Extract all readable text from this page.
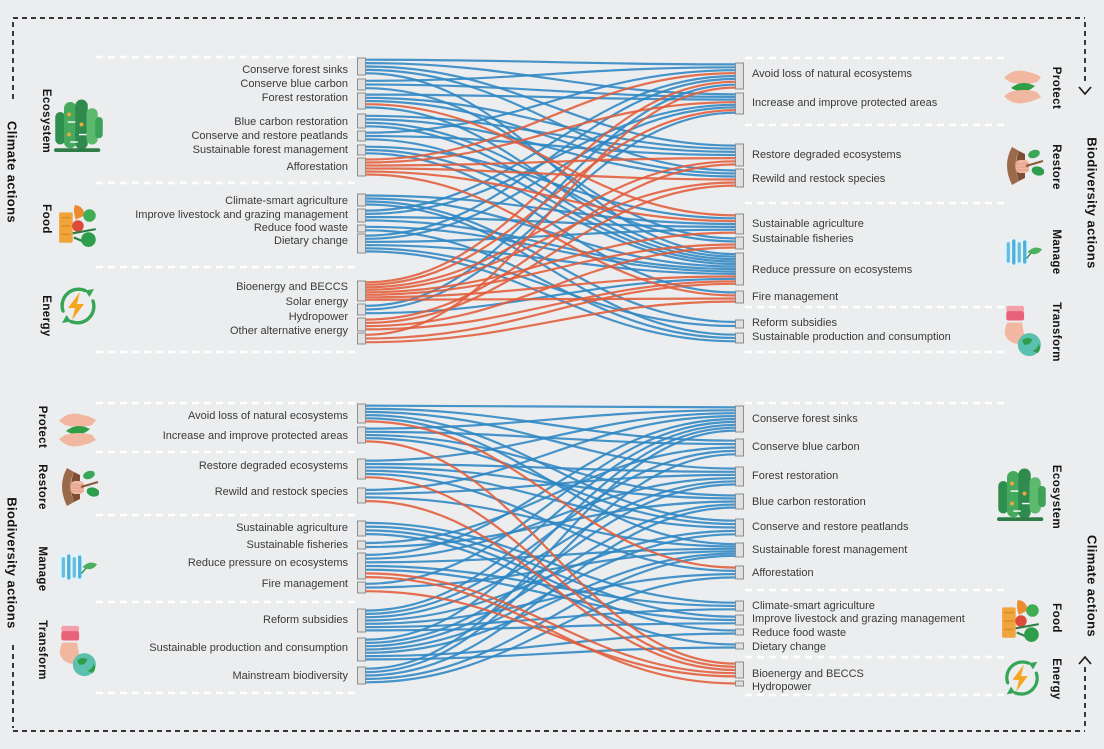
Climate actions	Biodiversity actions
Biodiversity actions	Climate actions
Conserve forest sinks
Conserve blue carbon
Forest restoration
Blue carbon restoration
Conserve and restore peatlands
Sustainable forest management
Afforestation
Climate-smart agriculture
Improve livestock and grazing management
Reduce food waste
Dietary change
Bioenergy and BECCS
Solar energy
Hydropower
Other alternative energy
Avoid loss of natural ecosystems
Increase and improve protected areas
Restore degraded ecosystems
Rewild and restock species
Sustainable agriculture
Sustainable fisheries
Reduce pressure on ecosystems
Fire management
Reform subsidies
Sustainable production and consumption
Ecosystem
Food
Energy
Protect
Restore
Manage
Transform
Avoid loss of natural ecosystems
Increase and improve protected areas
Restore degraded ecosystems
Rewild and restock species
Sustainable agriculture
Sustainable fisheries
Reduce pressure on ecosystems
Fire management
Reform subsidies
Sustainable production and consumption
Mainstream biodiversity
Conserve forest sinks
Conserve blue carbon
Forest restoration
Blue carbon restoration
Conserve and restore peatlands
Sustainable forest management
Afforestation
Climate-smart agriculture
Improve livestock and grazing management
Reduce food waste
Dietary change
Bioenergy and BECCS
Hydropower
Protect
Restore
Manage
Transform
Ecosystem
Food
Energy
